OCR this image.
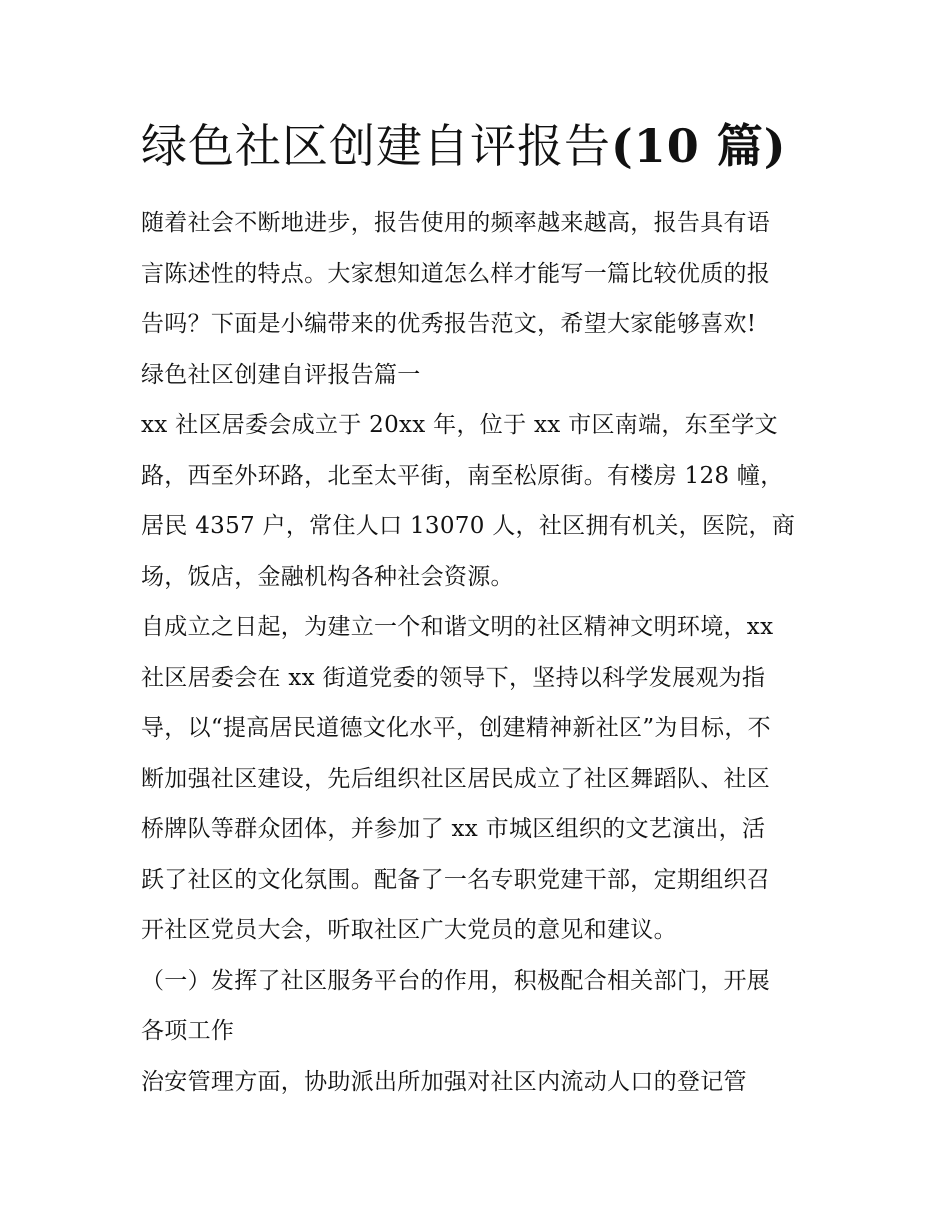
绿色社区创建自评报告(10 篇)
随着社会不断地进步，报告使用的频率越来越高，报告具有语
言陈述性的特点。大家想知道怎么样才能写一篇比较优质的报
告吗？下面是小编带来的优秀报告范文，希望大家能够喜欢!
绿色社区创建自评报告篇一
xx 社区居委会成立于 20xx 年，位于 xx 市区南端，东至学文
路，西至外环路，北至太平街，南至松原街。有楼房 128 幢，
居民 4357 户，常住人口 13070 人，社区拥有机关，医院，商
场，饭店，金融机构各种社会资源。
自成立之日起，为建立一个和谐文明的社区精神文明环境，xx
社区居委会在 xx 街道党委的领导下，坚持以科学发展观为指
导，以“提高居民道德文化水平，创建精神新社区”为目标，不
断加强社区建设，先后组织社区居民成立了社区舞蹈队、社区
桥牌队等群众团体，并参加了 xx 市城区组织的文艺演出，活
跃了社区的文化氛围。配备了一名专职党建干部，定期组织召
开社区党员大会，听取社区广大党员的意见和建议。
（一）发挥了社区服务平台的作用，积极配合相关部门，开展
各项工作
治安管理方面，协助派出所加强对社区内流动人口的登记管
